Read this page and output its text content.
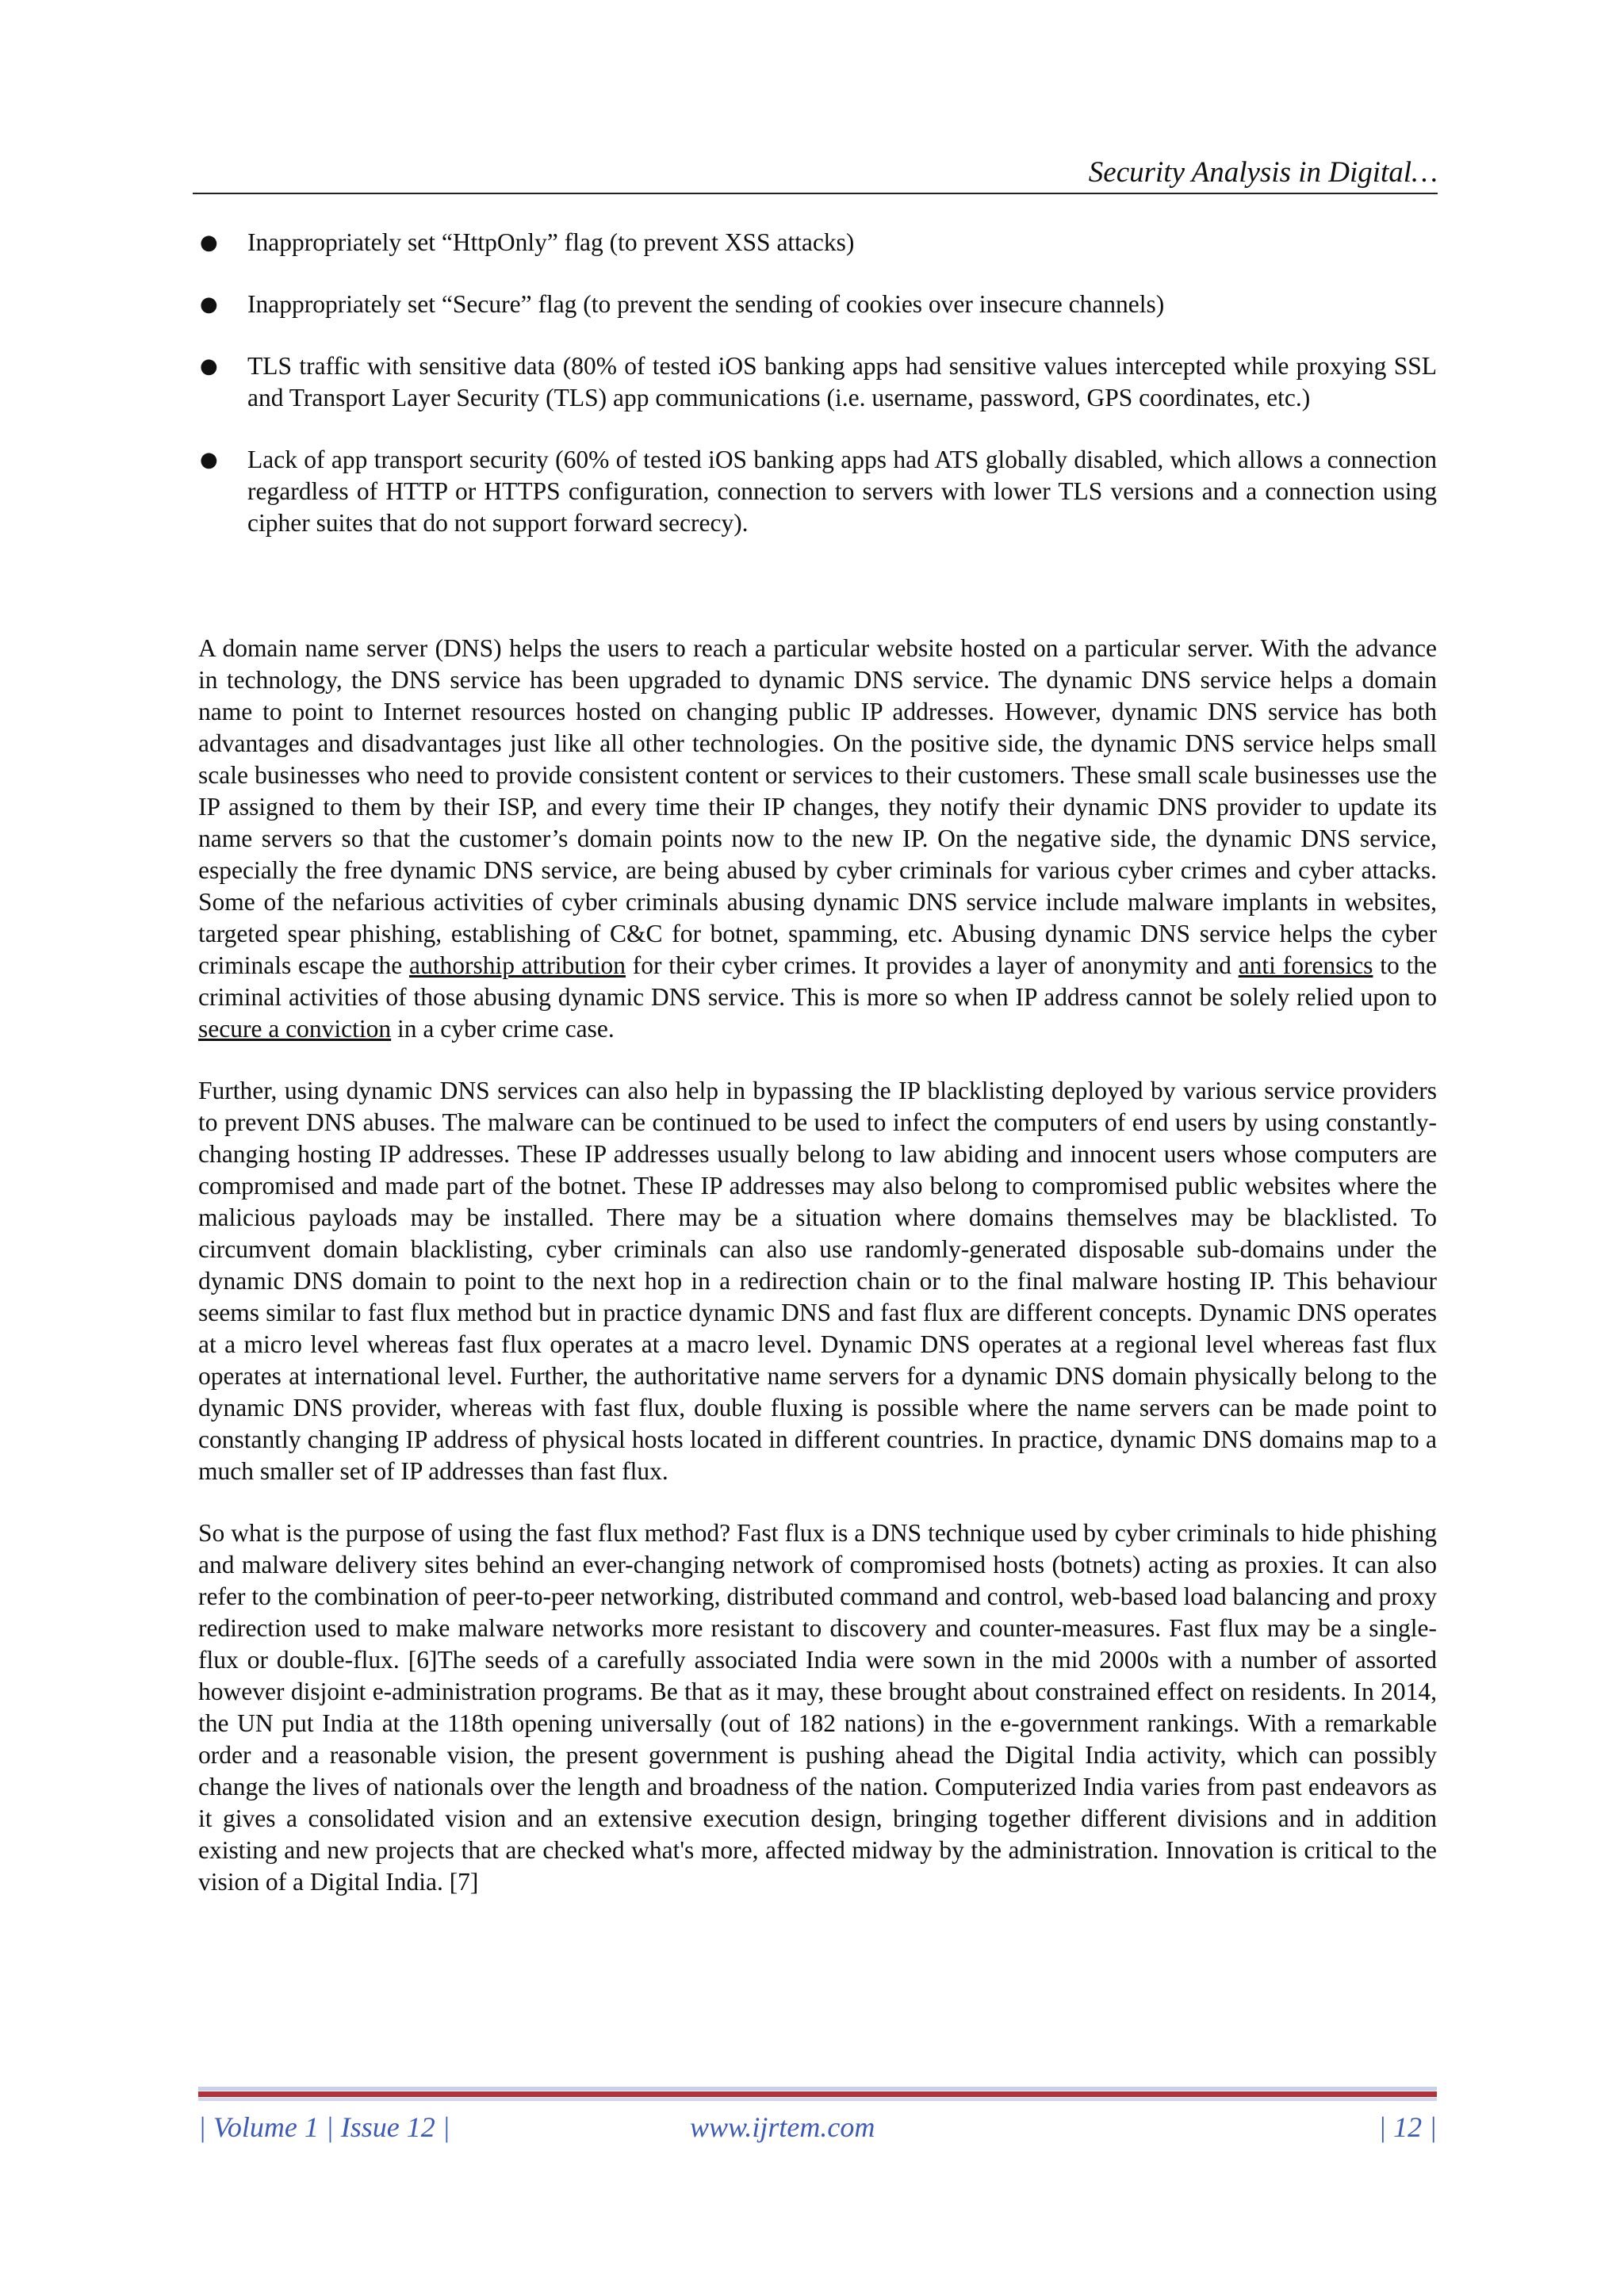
Security Analysis in Digital…
● Inappropriately set “HttpOnly” flag (to prevent XSS attacks)
● Inappropriately set “Secure” flag (to prevent the sending of cookies over insecure channels)
● TLS traffic with sensitive data (80% of tested iOS banking apps had sensitive values intercepted while proxying SSL and Transport Layer Security (TLS) app communications (i.e. username, password, GPS coordinates, etc.)
● Lack of app transport security (60% of tested iOS banking apps had ATS globally disabled, which allows a connection regardless of HTTP or HTTPS configuration, connection to servers with lower TLS versions and a connection using cipher suites that do not support forward secrecy).

A domain name server (DNS) helps the users to reach a particular website hosted on a particular server. With the advance in technology, the DNS service has been upgraded to dynamic DNS service. The dynamic DNS service helps a domain name to point to Internet resources hosted on changing public IP addresses. However, dynamic DNS service has both advantages and disadvantages just like all other technologies. On the positive side, the dynamic DNS service helps small scale businesses who need to provide consistent content or services to their customers. These small scale businesses use the IP assigned to them by their ISP, and every time their IP changes, they notify their dynamic DNS provider to update its name servers so that the customer’s domain points now to the new IP. On the negative side, the dynamic DNS service, especially the free dynamic DNS service, are being abused by cyber criminals for various cyber crimes and cyber attacks. Some of the nefarious activities of cyber criminals abusing dynamic DNS service include malware implants in websites, targeted spear phishing, establishing of C&C for botnet, spamming, etc. Abusing dynamic DNS service helps the cyber criminals escape the authorship attribution for their cyber crimes. It provides a layer of anonymity and anti forensics to the criminal activities of those abusing dynamic DNS service. This is more so when IP address cannot be solely relied upon to secure a conviction in a cyber crime case.

Further, using dynamic DNS services can also help in bypassing the IP blacklisting deployed by various service providers to prevent DNS abuses. The malware can be continued to be used to infect the computers of end users by using constantly-changing hosting IP addresses. These IP addresses usually belong to law abiding and innocent users whose computers are compromised and made part of the botnet. These IP addresses may also belong to compromised public websites where the malicious payloads may be installed. There may be a situation where domains themselves may be blacklisted. To circumvent domain blacklisting, cyber criminals can also use randomly-generated disposable sub-domains under the dynamic DNS domain to point to the next hop in a redirection chain or to the final malware hosting IP. This behaviour seems similar to fast flux method but in practice dynamic DNS and fast flux are different concepts. Dynamic DNS operates at a micro level whereas fast flux operates at a macro level. Dynamic DNS operates at a regional level whereas fast flux operates at international level. Further, the authoritative name servers for a dynamic DNS domain physically belong to the dynamic DNS provider, whereas with fast flux, double fluxing is possible where the name servers can be made point to constantly changing IP address of physical hosts located in different countries. In practice, dynamic DNS domains map to a much smaller set of IP addresses than fast flux.

So what is the purpose of using the fast flux method? Fast flux is a DNS technique used by cyber criminals to hide phishing and malware delivery sites behind an ever-changing network of compromised hosts (botnets) acting as proxies. It can also refer to the combination of peer-to-peer networking, distributed command and control, web-based load balancing and proxy redirection used to make malware networks more resistant to discovery and counter-measures. Fast flux may be a single-flux or double-flux. [6]The seeds of a carefully associated India were sown in the mid 2000s with a number of assorted however disjoint e-administration programs. Be that as it may, these brought about constrained effect on residents. In 2014, the UN put India at the 118th opening universally (out of 182 nations) in the e-government rankings. With a remarkable order and a reasonable vision, the present government is pushing ahead the Digital India activity, which can possibly change the lives of nationals over the length and broadness of the nation. Computerized India varies from past endeavors as it gives a consolidated vision and an extensive execution design, bringing together different divisions and in addition existing and new projects that are checked what's more, affected midway by the administration. Innovation is critical to the vision of a Digital India. [7]

| Volume 1 | Issue 12 |	www.ijrtem.com	| 12 |
